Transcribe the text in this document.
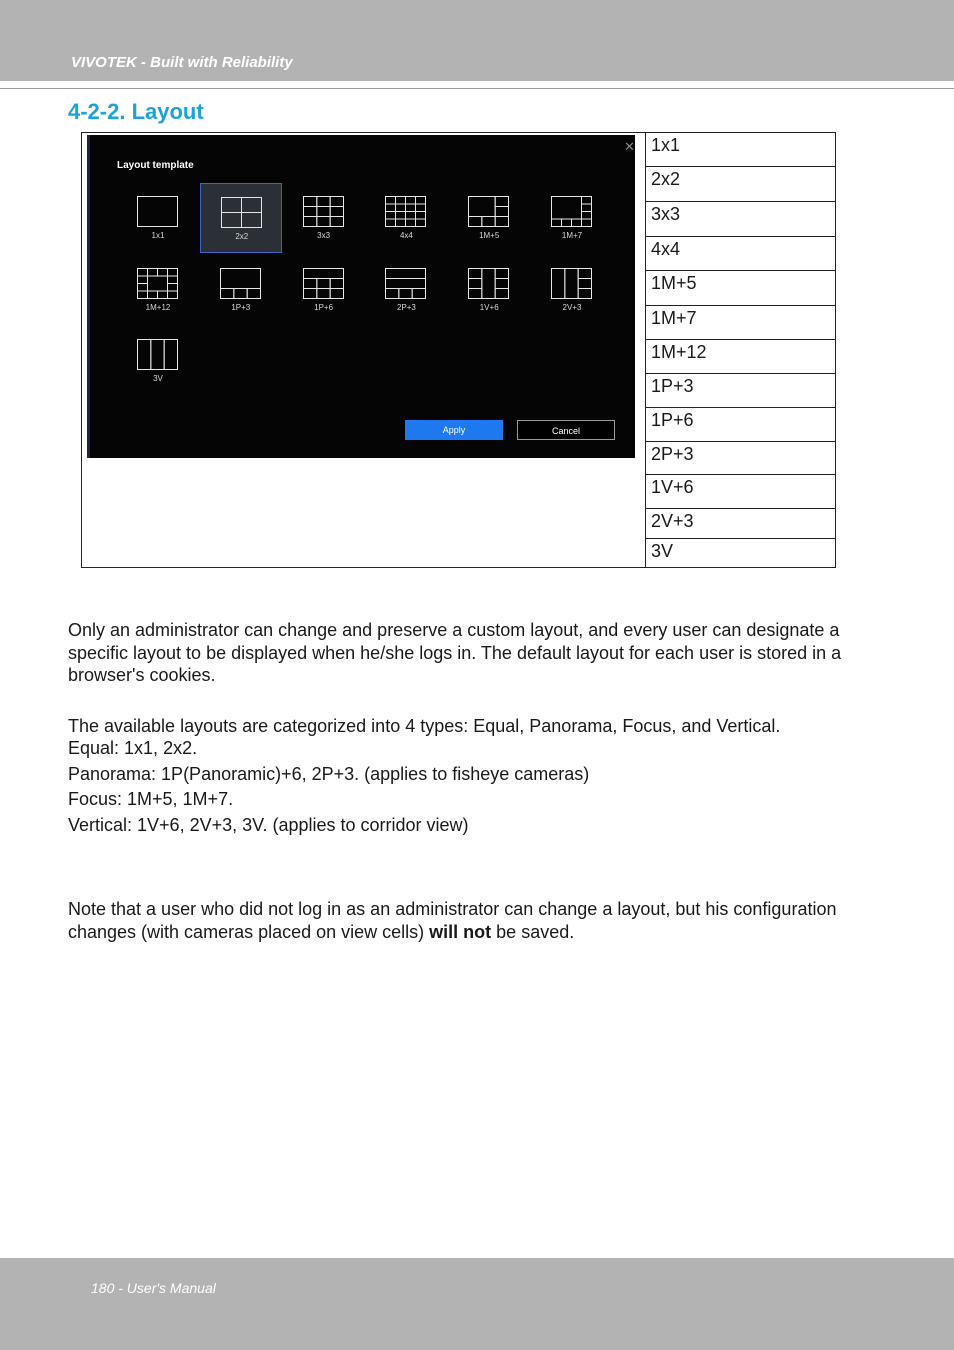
VIVOTEK - Built with Reliability
4-2-2. Layout
✕
Layout template
1x1	2x2	3x3	4x4	1M+5	1M+7
1M+12	1P+3	1P+6	2P+3	1V+6	2V+3
3V
Apply	Cancel
1x1
2x2
3x3
4x4
1M+5
1M+7
1M+12
1P+3
1P+6
2P+3
1V+6
2V+3
3V
Only an administrator can change and preserve a custom layout, and every user can designate a specific layout to be displayed when he/she logs in. The default layout for each user is stored in a browser's cookies.
The available layouts are categorized into 4 types: Equal, Panorama, Focus, and Vertical.
Equal: 1x1, 2x2.
Panorama: 1P(Panoramic)+6, 2P+3. (applies to fisheye cameras)
Focus: 1M+5, 1M+7.
Vertical: 1V+6, 2V+3, 3V. (applies to corridor view)
Note that a user who did not log in as an administrator can change a layout, but his configuration changes (with cameras placed on view cells) will not be saved.
180 - User's Manual
